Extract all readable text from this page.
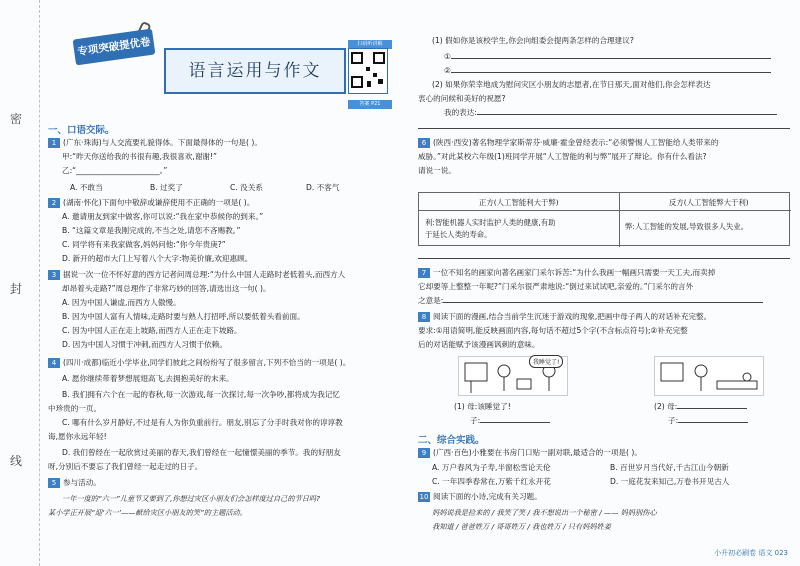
密
封
线
专项突破提优卷
语言运用与作文
扫码听讲解
答案 P21
一、口语交际。
1 (广东·珠海)与人交流要礼貌得体。下面最得体的一句是( )。
甲:“昨天你送给我的书很有趣,我很喜欢,谢谢!”
乙:“______________________。”
A. 不敢当	B. 过奖了	C. 没关系	D. 不客气
2 (湖南·怀化)下面句中敬辞或谦辞使用不正确的一项是( )。
A. 邀请朋友到家中做客,你可以说:“我在家中恭候你的到来。”
B. “这篇文章是我刚完成的,不当之处,请您不吝赐教。”
C. 同学将有来我家做客,妈妈问他:“你今年贵庚?”
D. 新开的超市大门上写着八个大字:物美价廉,欢迎惠顾。
3 据说一次一位不怀好意的西方记者问周总理:“为什么中国人走路时老低着头,而西方人
却昂着头走路?”周总理作了非常巧妙的回答,请选出这一句( )。
A. 因为中国人谦虚,而西方人傲慢。
B. 因为中国人富有人情味,走路时要与熟人打招呼,所以要低着头看前面。
C. 因为中国人正在走上坡路,而西方人正在走下坡路。
D. 因为中国人习惯于冲刺,而西方人习惯于依赖。
4 (四川·成都)临近小学毕业,同学们彼此之间纷纷写了很多留言,下列不恰当的一项是( )。
A. 愿你继续带着梦想展翅高飞,去拥抱美好的未来。
B. 我们拥有六个在一起的春秋,每一次游戏,每一次探讨,每一次争吵,都将成为我记忆
中珍贵的一页。
C. 哪有什么岁月静好,不过是有人为你负重前行。朋友,别忘了分手时我对你的谆谆教
诲,愿你永远年轻!
D. 我们曾经在一起欣赏过美丽的春天,我们曾经在一起憧憬美丽的季节。我的好朋友
呀,分别后不要忘了我们曾经一起走过的日子。
5 参与活动。
一年一度的“六一”儿童节又要到了,你想过灾区小朋友们会怎样度过自己的节日吗?
某小学正开展“迎‘六一’——献给灾区小朋友的笑”的主题活动。
(1) 假如你是该校学生,你会向组委会提两条怎样的合理建议?
①
②
(2) 如果你荣幸地成为慰问灾区小朋友的志愿者,在节日那天,面对他们,你会怎样表达
衷心的问候和美好的祝愿?
我的表达:
6 (陕西·西安)著名物理学家斯蒂芬·威廉·霍金曾经表示:“必须警惕人工智能给人类带来的
威胁。”对此某校六年级(1)班同学开展“人工智能的利与弊”展开了辩论。你有什么看法?
请说一说。
正方(人工智能利大于弊)	反方(人工智能弊大于利)
利:智能机器人实时监护人类的健康,有助
于延长人类的寿命。
弊:人工智能的发展,导致很多人失业。
7 一位不知名的画家向著名画家门采尔诉苦:“为什么我画一幅画只需要一天工夫,而卖掉
它却要等上整整一年呢?”门采尔很严肃地说:“倒过来试试吧,亲爱的。”门采尔的言外
之意是:
8 阅读下面的漫画,结合当前学生沉迷于游戏的现象,把画中母子两人的对话补充完整。
要求:①用语简明,能反映画面内容,每句话不超过5个字(不含标点符号);②补充完整
后的对话能赋予该漫画讽刺的意味。
我睡觉了!
(1) 母:该睡觉了!
子:
(2) 母:
子:
二、综合实践。
9 (广西·百色)小雅要在书房门口贴一副对联,最适合的一项是( )。
A. 万户春风为子寿,半窗松雪论天伦	B. 百世岁月当代好,千古江山今朝新
C. 一年四季春常在,万紫千红永开花	D. 一庭花发来知己,万卷书开见古人
10 阅读下面的小诗,完成有关习题。
妈妈说我是捡来的 / 我笑了笑 / 我不想说出一个秘密 / —— 妈妈别伤心
我知道 / 爸爸姓万 / 哥哥姓万 / 我也姓万 / 只有妈妈姓姜
小升初必刷卷 语文 023
